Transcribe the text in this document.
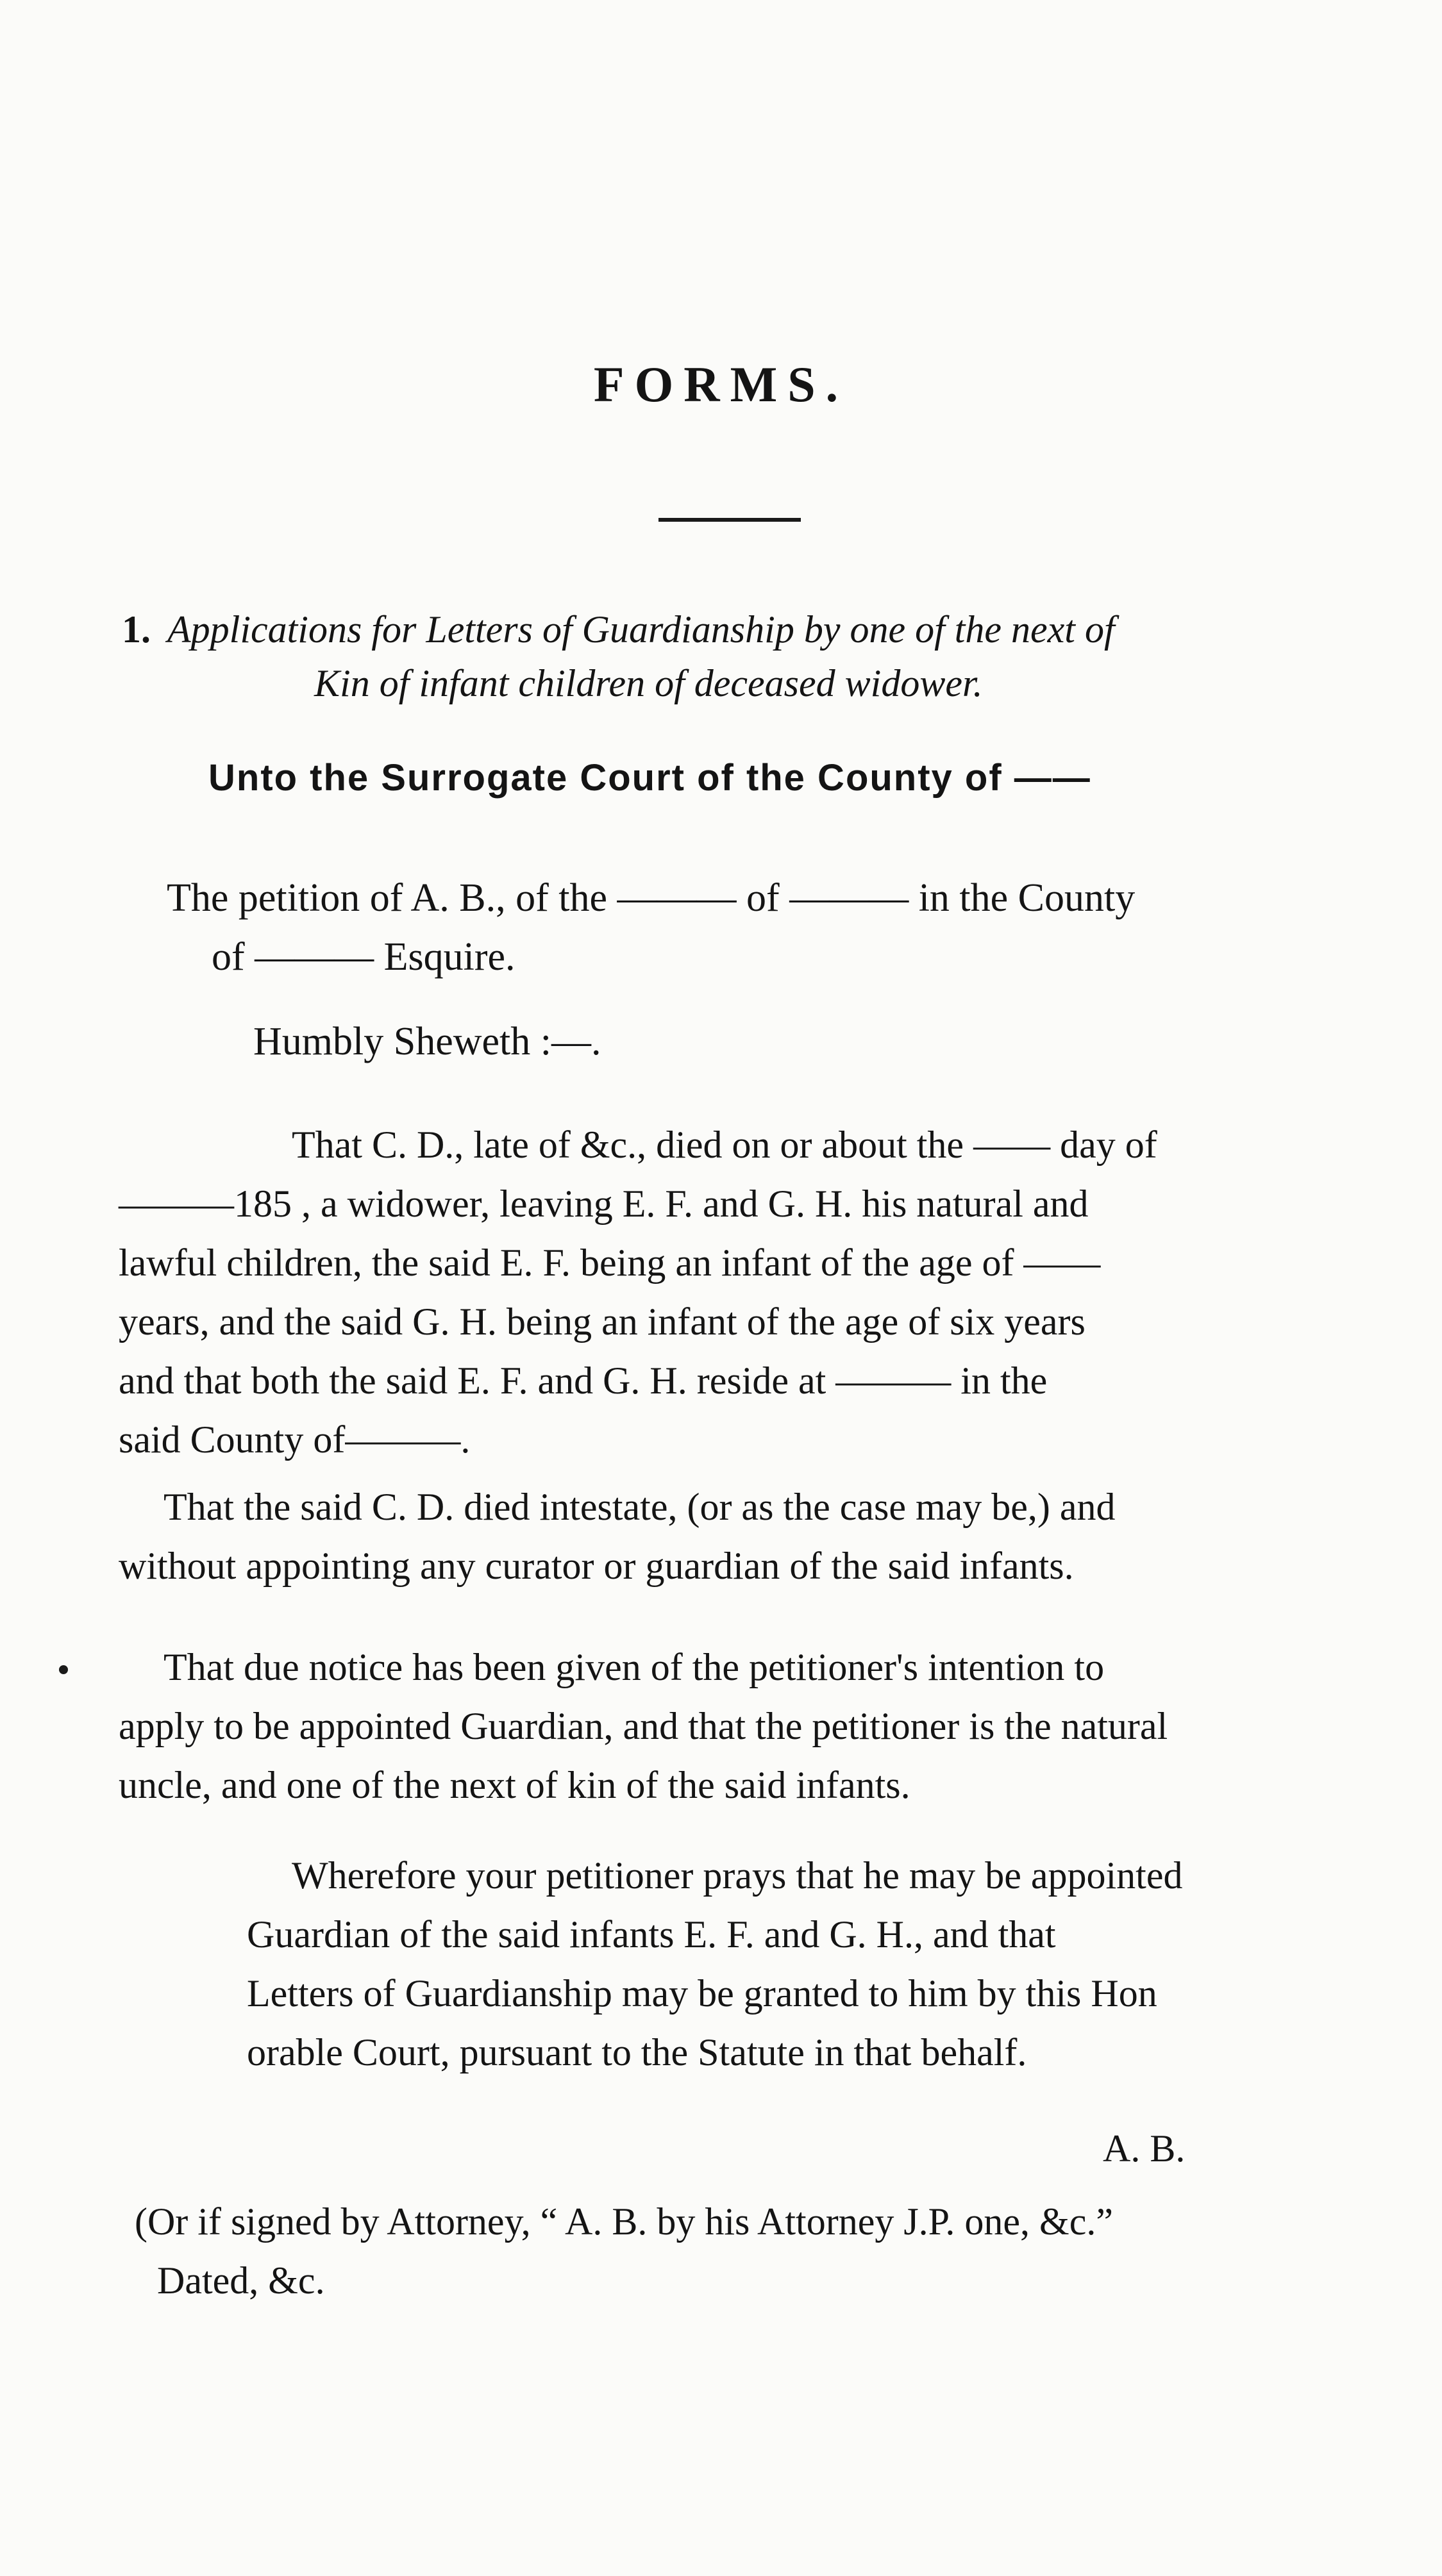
FORMS.
1. Applications for Letters of Guardianship by one of the next of
Kin of infant children of deceased widower.
Unto the Surrogate Court of the County of ——
The petition of A. B., of the ——— of ——— in the County
of ——— Esquire.
Humbly Sheweth :—.
That C. D., late of &c., died on or about the —— day of
———185 , a widower, leaving E. F. and G. H. his natural and
lawful children, the said E. F. being an infant of the age of ——
years, and the said G. H. being an infant of the age of six years
and that both the said E. F. and G. H. reside at ——— in the
said County of———.
That the said C. D. died intestate, (or as the case may be,) and
without appointing any curator or guardian of the said infants.
That due notice has been given of the petitioner's intention to
apply to be appointed Guardian, and that the petitioner is the natural
uncle, and one of the next of kin of the said infants.
Wherefore your petitioner prays that he may be appointed
Guardian of the said infants E. F. and G. H., and that
Letters of Guardianship may be granted to him by this Hon
orable Court, pursuant to the Statute in that behalf.
A. B.
(Or if signed by Attorney, “ A. B. by his Attorney J.P. one, &c.”
Dated, &c.
